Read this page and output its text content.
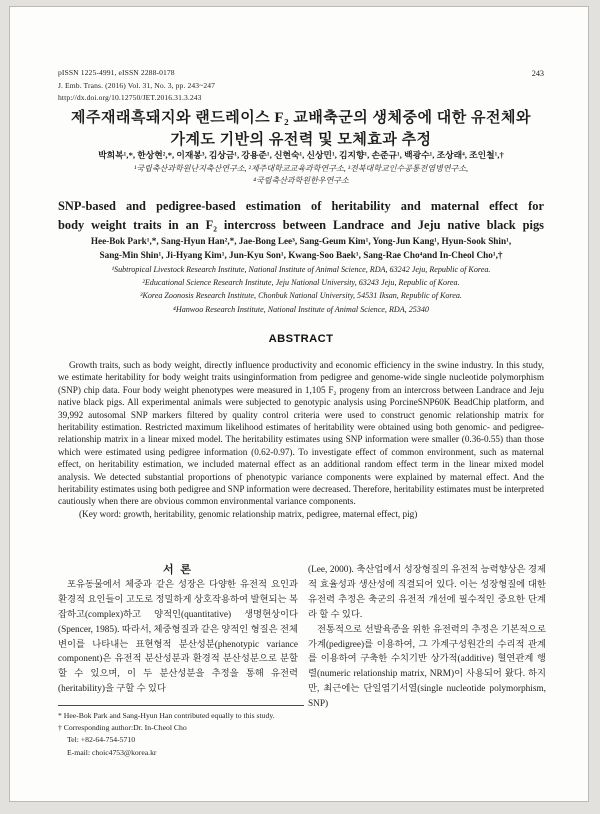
pISSN 1225-4991, eISSN 2288-0178
J. Emb. Trans. (2016) Vol. 31, No. 3, pp. 243~247
http://dx.doi.org/10.12750/JET.2016.31.3.243
243
제주재래흑돼지와 랜드레이스 F₂ 교배축군의 생체중에 대한 유전체와
가계도 기반의 유전력 및 모체효과 추정
박희복¹,*, 한상현²,*, 이재봉³, 김상금¹, 강용준¹, 신현숙¹, 신상민¹, 김지향¹, 손준규¹, 백광수¹, 조상래⁴, 조인철¹,†
¹국립축산과학원난지축산연구소, ²제주대학교교육과학연구소, ³전북대학교인수공통전염병연구소,
⁴국립축산과학원한우연구소
SNP-based and pedigree-based estimation of heritability and maternal effect for
body weight traits in an F₂ intercross between Landrace and Jeju native black pigs
Hee-Bok Park¹,*, Sang-Hyun Han²,*, Jae-Bong Lee³, Sang-Geum Kim¹, Yong-Jun Kang¹, Hyun-Sook Shin¹,
Sang-Min Shin¹, Ji-Hyang Kim¹, Jun-Kyu Son¹, Kwang-Soo Baek¹, Sang-Rae Cho⁴and In-Cheol Cho¹,†
¹Subtropical Livestock Research Institute, National Institute of Animal Science, RDA, 63242 Jeju, Republic of Korea.
²Educational Science Research Institute, Jeju National University, 63243 Jeju, Republic of Korea.
³Korea Zoonosis Research Institute, Chonbuk National University, 54531 Iksan, Republic of Korea.
⁴Hanwoo Research Institute, National Institute of Animal Science, RDA, 25340
ABSTRACT

Growth traits, such as body weight, directly influence productivity and economic efficiency in the swine industry. In this study, we estimate heritability for body weight traits usinginformation from pedigree and genome-wide single nucleotide polymorphism (SNP) chip data. Four body weight phenotypes were measured in 1,105 F₂ progeny from an intercross between Landrace and Jeju native black pigs. All experimental animals were subjected to genotypic analysis using PorcineSNP60K BeadChip platform, and 39,992 autosomal SNP markers filtered by quality control criteria were used to construct genomic relationship matrix for heritability estimation. Restricted maximum likelihood estimates of heritability were obtained using both genomic- and pedigree- relationship matrix in a linear mixed model. The heritability estimates using SNP information were smaller (0.36-0.55) than those which were estimated using pedigree information (0.62-0.97). To investigate effect of common environment, such as maternal effect, on heritability estimation, we included maternal effect as an additional random effect term in the linear mixed model analysis. We detected substantial proportions of phenotypic variance components were explained by maternal effect. And the heritability estimates using both pedigree and SNP information were decreased. Therefore, heritability estimates must be interpreted cautiously when there are obvious common environmental variance components.

(Key word: growth, heritability, genomic relationship matrix, pedigree, maternal effect, pig)

서 론

포유동물에서 체중과 같은 성장은 다양한 유전적 요인과 환경적 요인들이 고도로 정밀하게 상호작용하여 발현되는 복잡하고(complex)하고 양적인(quantitative) 생명현상이다(Spencer, 1985). 따라서, 체중형질과 같은 양적인 형질은 전체변이를 나타내는 표현형적 분산성분(phenotypic variance component)은 유전적 분산성분과 환경적 분산성분으로 분할할 수 있으며, 이 두 분산성분을 추정을 통해 유전력(heritability)을 구할 수 있다

(Lee, 2000). 축산업에서 성장형질의 유전적 능력향상은 경제적 효율성과 생산성에 직결되어 있다. 이는 성장형질에 대한 유전력 추정은 축군의 유전적 개선에 필수적인 중요한 단계라 할 수 있다.

전통적으로 선발육종을 위한 유전력의 추정은 기본적으로 가계(pedigree)를 이용하여, 그 가계구성원간의 수리적 관계를 이용하여 구축한 수치기반 상가적(additive) 혈연관계 행렬(numeric relationship matrix, NRM)이 사용되어 왔다. 하지만, 최근에는 단일염기서열(single nucleotide polymorphism, SNP)

* Hee-Bok Park and Sang-Hyun Han contributed equally to this study.
† Corresponding author:Dr. In-Cheol Cho
Tel: +82-64-754-5710
E-mail: choic4753@korea.kr
